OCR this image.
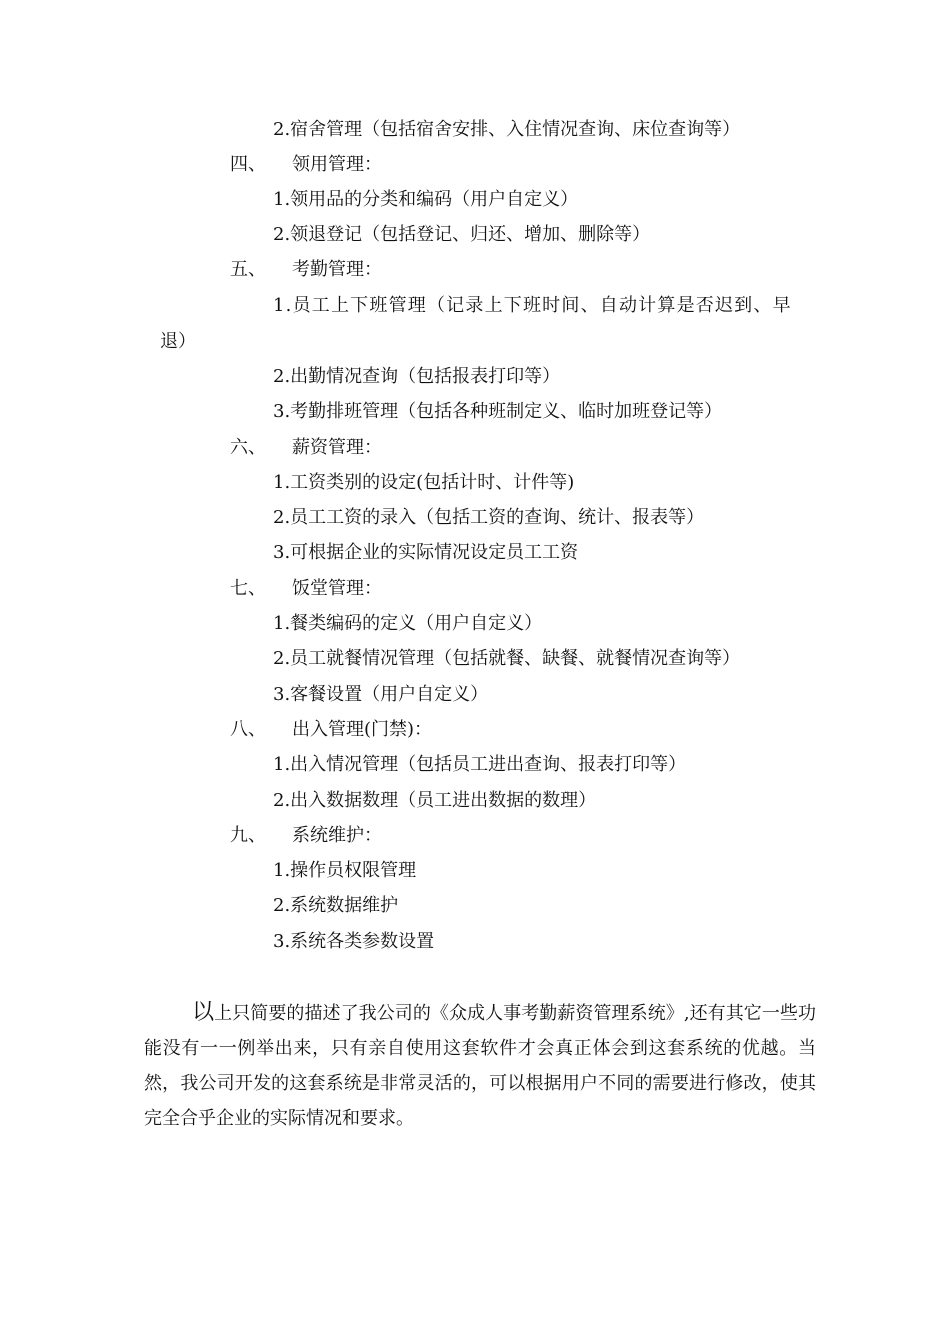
2.宿舍管理（包括宿舍安排、入住情况查询、床位查询等）
四、 领用管理：
1.领用品的分类和编码（用户自定义）
2.领退登记（包括登记、归还、增加、删除等）
五、 考勤管理：
1.员工上下班管理（记录上下班时间、自动计算是否迟到、早
退）
2.出勤情况查询（包括报表打印等）
3.考勤排班管理（包括各种班制定义、临时加班登记等）
六、 薪资管理：
1.工资类别的设定(包括计时、计件等)
2.员工工资的录入（包括工资的查询、统计、报表等）
3.可根据企业的实际情况设定员工工资
七、 饭堂管理：
1.餐类编码的定义（用户自定义）
2.员工就餐情况管理（包括就餐、缺餐、就餐情况查询等）
3.客餐设置（用户自定义）
八、 出入管理(门禁)：
1.出入情况管理（包括员工进出查询、报表打印等）
2.出入数据数理（员工进出数据的数理）
九、 系统维护：
1.操作员权限管理
2.系统数据维护
3.系统各类参数设置
以上只简要的描述了我公司的《众成人事考勤薪资管理系统》,还有其它一些功能没有一一例举出来，只有亲自使用这套软件才会真正体会到这套系统的优越。当然，我公司开发的这套系统是非常灵活的，可以根据用户不同的需要进行修改，使其完全合乎企业的实际情况和要求。
